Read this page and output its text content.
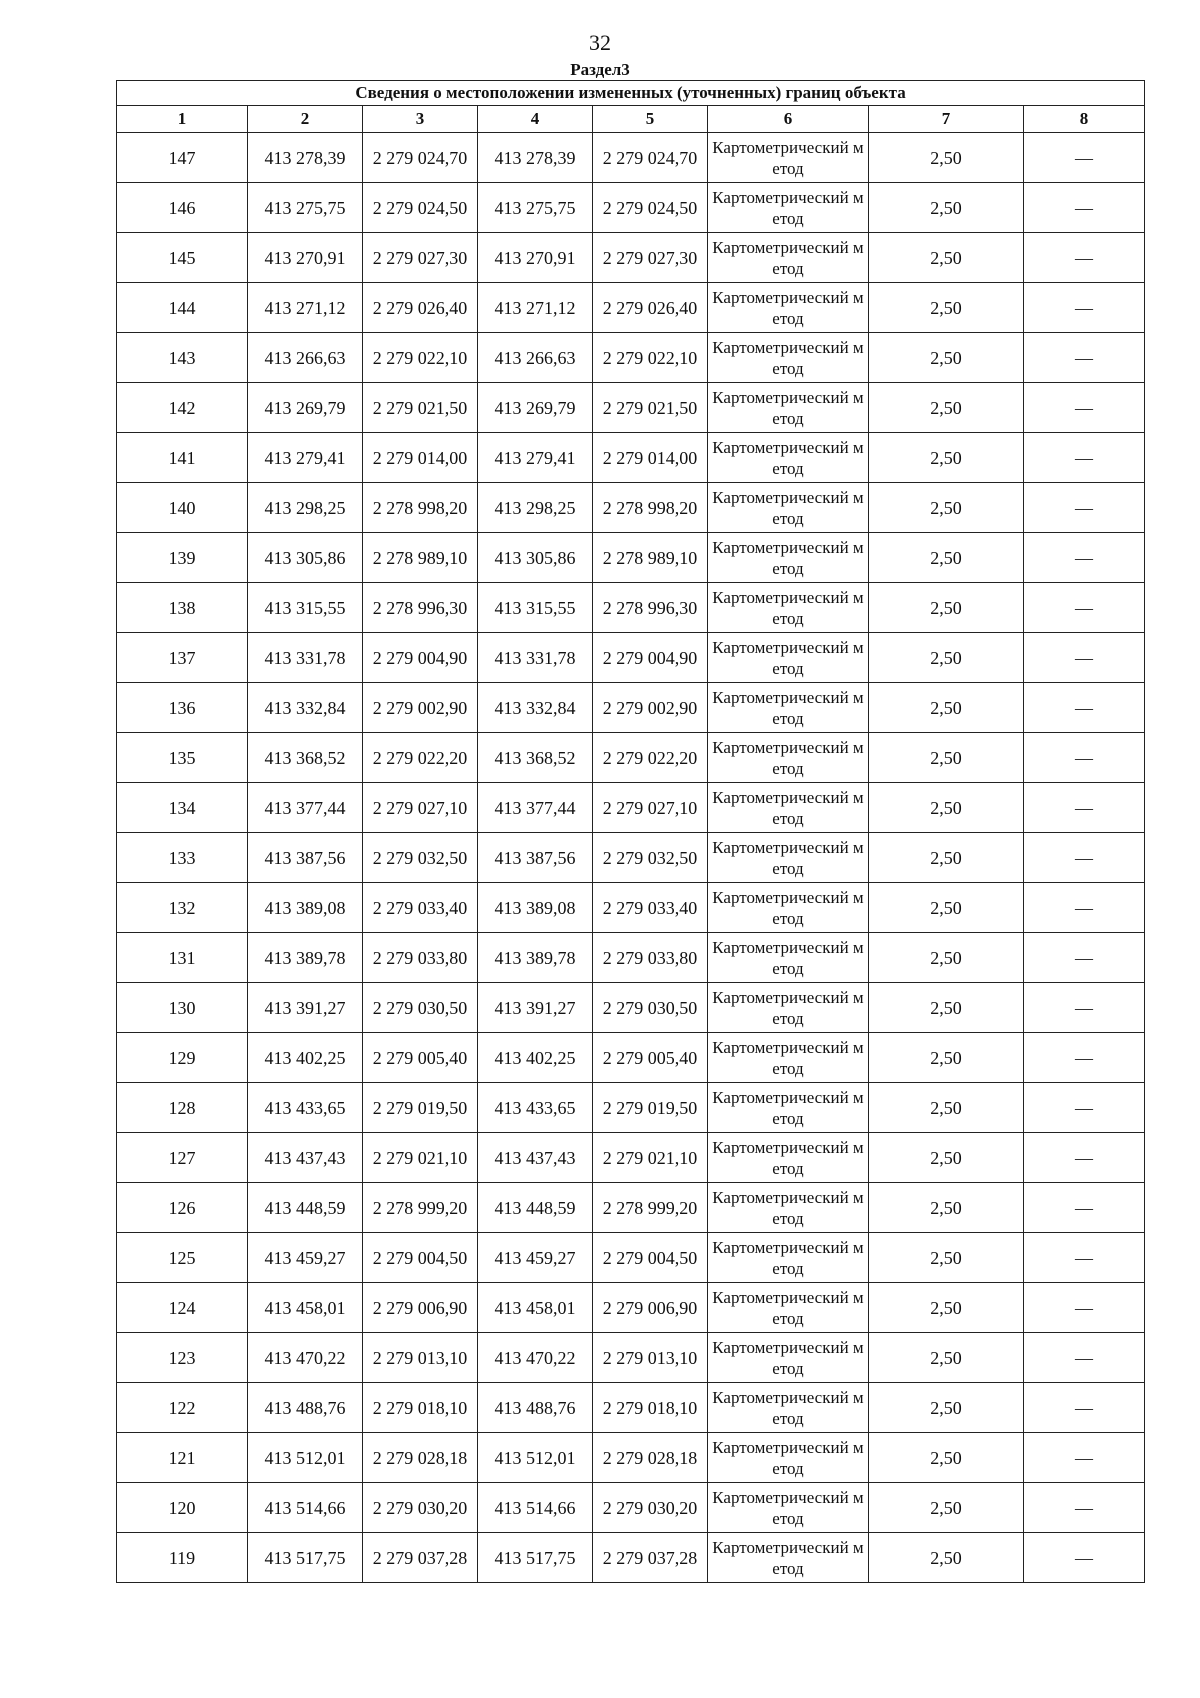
32
Раздел3
Сведения о местоположении измененных (уточненных) границ объекта							
1	2	3	4	5	6	7	8
147	413 278,39	2 279 024,70	413 278,39	2 279 024,70	Картометрический метод	2,50	—
146	413 275,75	2 279 024,50	413 275,75	2 279 024,50	Картометрический метод	2,50	—
145	413 270,91	2 279 027,30	413 270,91	2 279 027,30	Картометрический метод	2,50	—
144	413 271,12	2 279 026,40	413 271,12	2 279 026,40	Картометрический метод	2,50	—
143	413 266,63	2 279 022,10	413 266,63	2 279 022,10	Картометрический метод	2,50	—
142	413 269,79	2 279 021,50	413 269,79	2 279 021,50	Картометрический метод	2,50	—
141	413 279,41	2 279 014,00	413 279,41	2 279 014,00	Картометрический метод	2,50	—
140	413 298,25	2 278 998,20	413 298,25	2 278 998,20	Картометрический метод	2,50	—
139	413 305,86	2 278 989,10	413 305,86	2 278 989,10	Картометрический метод	2,50	—
138	413 315,55	2 278 996,30	413 315,55	2 278 996,30	Картометрический метод	2,50	—
137	413 331,78	2 279 004,90	413 331,78	2 279 004,90	Картометрический метод	2,50	—
136	413 332,84	2 279 002,90	413 332,84	2 279 002,90	Картометрический метод	2,50	—
135	413 368,52	2 279 022,20	413 368,52	2 279 022,20	Картометрический метод	2,50	—
134	413 377,44	2 279 027,10	413 377,44	2 279 027,10	Картометрический метод	2,50	—
133	413 387,56	2 279 032,50	413 387,56	2 279 032,50	Картометрический метод	2,50	—
132	413 389,08	2 279 033,40	413 389,08	2 279 033,40	Картометрический метод	2,50	—
131	413 389,78	2 279 033,80	413 389,78	2 279 033,80	Картометрический метод	2,50	—
130	413 391,27	2 279 030,50	413 391,27	2 279 030,50	Картометрический метод	2,50	—
129	413 402,25	2 279 005,40	413 402,25	2 279 005,40	Картометрический метод	2,50	—
128	413 433,65	2 279 019,50	413 433,65	2 279 019,50	Картометрический метод	2,50	—
127	413 437,43	2 279 021,10	413 437,43	2 279 021,10	Картометрический метод	2,50	—
126	413 448,59	2 278 999,20	413 448,59	2 278 999,20	Картометрический метод	2,50	—
125	413 459,27	2 279 004,50	413 459,27	2 279 004,50	Картометрический метод	2,50	—
124	413 458,01	2 279 006,90	413 458,01	2 279 006,90	Картометрический метод	2,50	—
123	413 470,22	2 279 013,10	413 470,22	2 279 013,10	Картометрический метод	2,50	—
122	413 488,76	2 279 018,10	413 488,76	2 279 018,10	Картометрический метод	2,50	—
121	413 512,01	2 279 028,18	413 512,01	2 279 028,18	Картометрический метод	2,50	—
120	413 514,66	2 279 030,20	413 514,66	2 279 030,20	Картометрический метод	2,50	—
119	413 517,75	2 279 037,28	413 517,75	2 279 037,28	Картометрический метод	2,50	—
